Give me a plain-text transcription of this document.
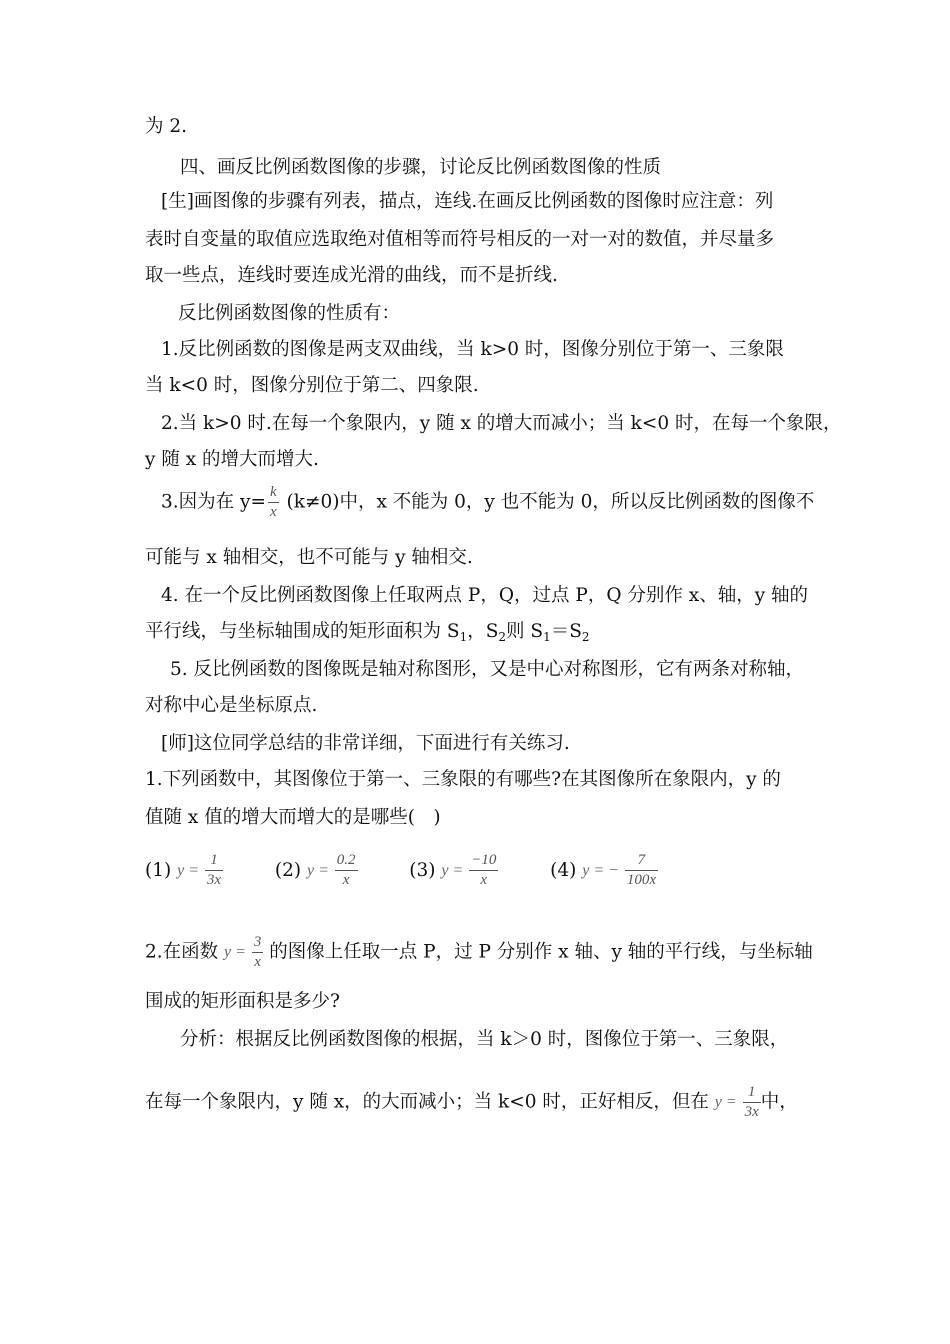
为 2.
四、画反比例函数图像的步骤，讨论反比例函数图像的性质
[生]画图像的步骤有列表，描点，连线.在画反比例函数的图像时应注意：列
表时自变量的取值应选取绝对值相等而符号相反的一对一对的数值，并尽量多
取一些点，连线时要连成光滑的曲线，而不是折线.
反比例函数图像的性质有：
1.反比例函数的图像是两支双曲线，当 k>0 时，图像分别位于第一、三象限
当 k<0 时，图像分别位于第二、四象限.
2.当 k>0 时.在每一个象限内，y 随 x 的增大而减小；当 k<0 时，在每一个象限，
y 随 x 的增大而增大.
3.因为在 $y= \frac{k}{x} (k\ne 0)$中，x 不能为 0，y 也不能为 0，所以反比例函数的图像不
可能与 x 轴相交，也不可能与 y 轴相交.
4. 在一个反比例函数图像上任取两点 P，Q，过点 P，Q 分别作 x、轴，y 轴的
平行线，与坐标轴围成的矩形面积为 $S_1$，$S_2$则 $S_1=S_2$
5. 反比例函数的图像既是轴对称图形，又是中心对称图形，它有两条对称轴，
对称中心是坐标原点.
[师]这位同学总结的非常详细，下面进行有关练习.
1.下列函数中，其图像位于第一、三象限的有哪些?在其图像所在象限内，y 的
值随 x 值的增大而增大的是哪些(　)
(1) $y = \frac{1}{3x}$	(2) $y = \frac{0.2}{x}$	(3) $y = \frac{-10}{x}$	(4) y = − $\frac{7}{100x}$
2.在函数 $y = \frac{3}{x}$ 的图像上任取一点 P，过 P 分别作 x 轴、y 轴的平行线，与坐标轴
围成的矩形面积是多少?
分析：根据反比例函数图像的根据，当 k＞0 时，图像位于第一、三象限，
在每一个象限内，y 随 x，的大而减小；当 k<0 时，正好相反，但在 $y = \frac{1}{3x}$ 中，
